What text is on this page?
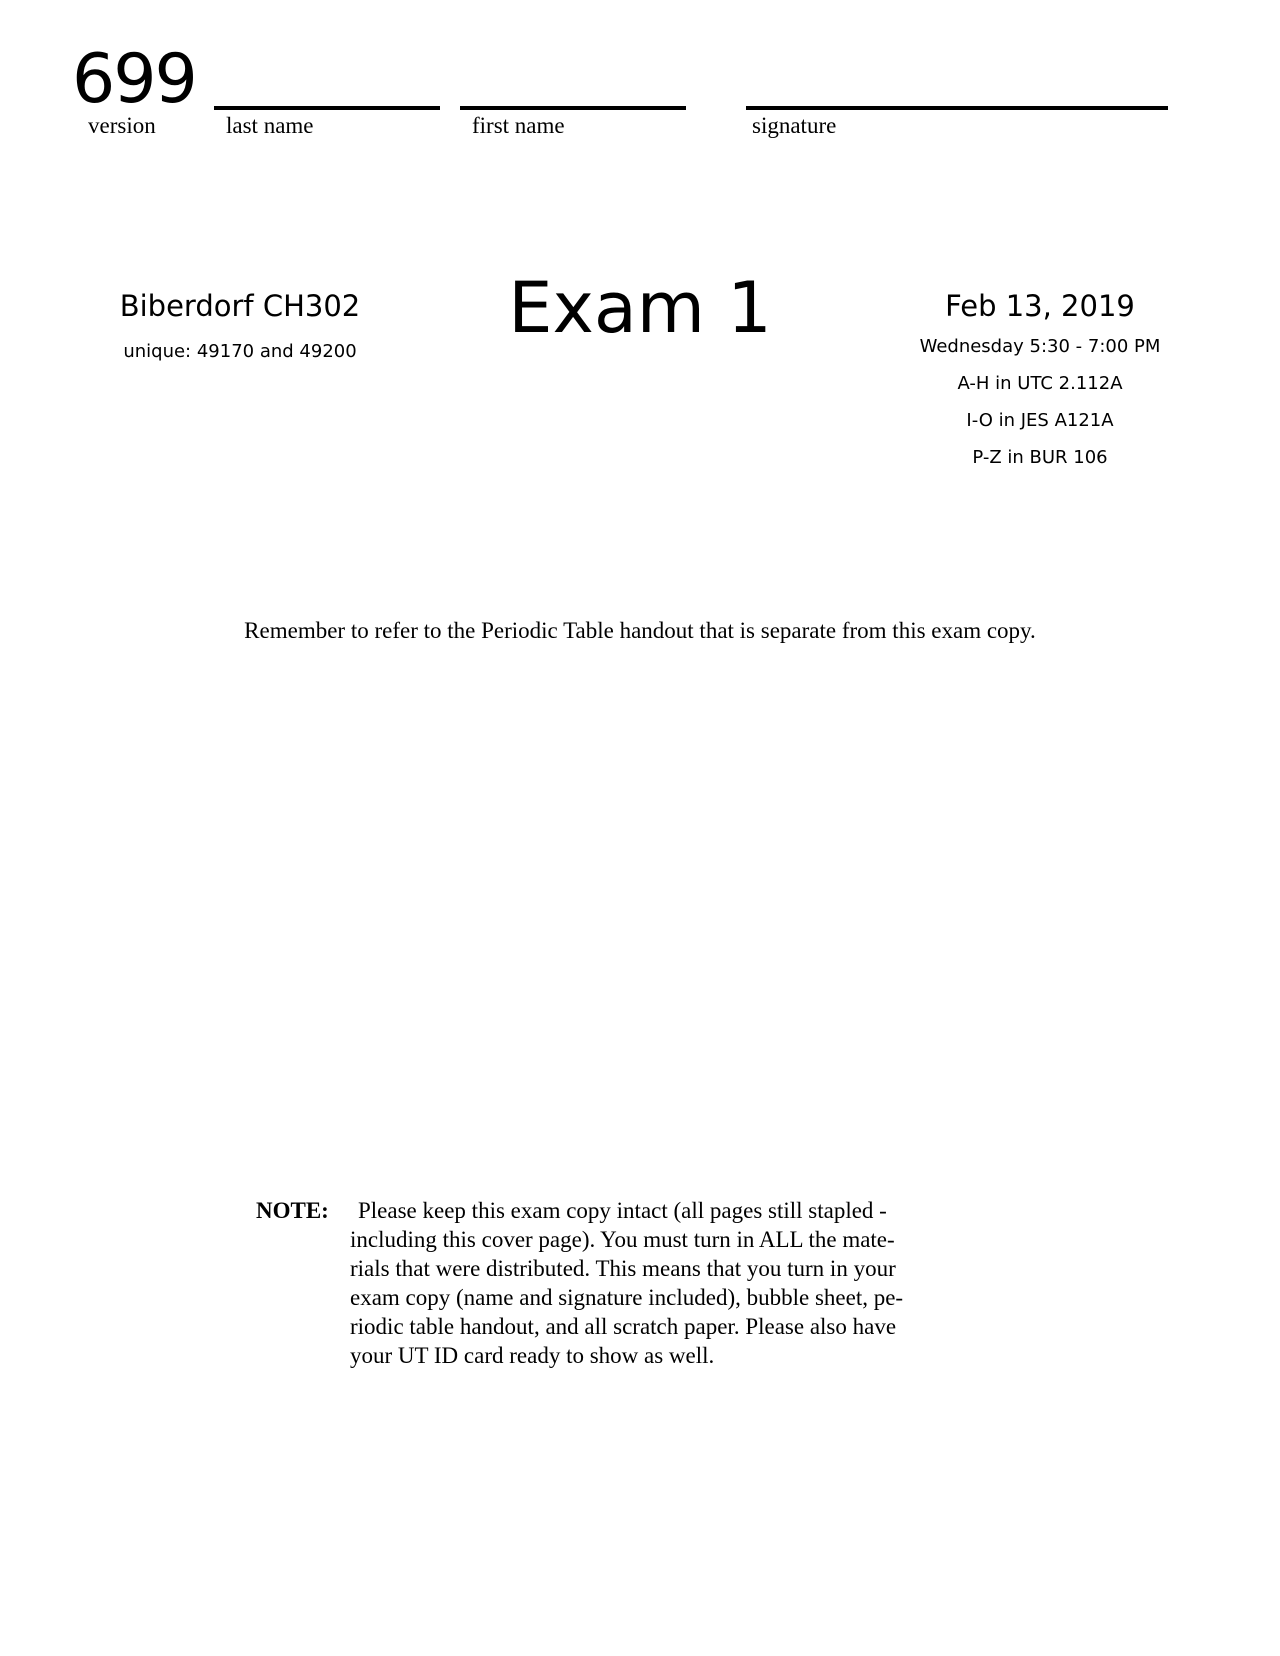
699
version	last name	first name	signature
Biberdorf CH302
unique: 49170 and 49200
Exam 1	Feb 13, 2019
Wednesday 5:30 - 7:00 PM
A-H in UTC 2.112A
I-O in JES A121A
P-Z in BUR 106
Remember to refer to the Periodic Table handout that is separate from this exam copy.
NOTE: Please keep this exam copy intact (all pages still stapled -
including this cover page). You must turn in ALL the mate-
rials that were distributed. This means that you turn in your
exam copy (name and signature included), bubble sheet, pe-
riodic table handout, and all scratch paper. Please also have
your UT ID card ready to show as well.
